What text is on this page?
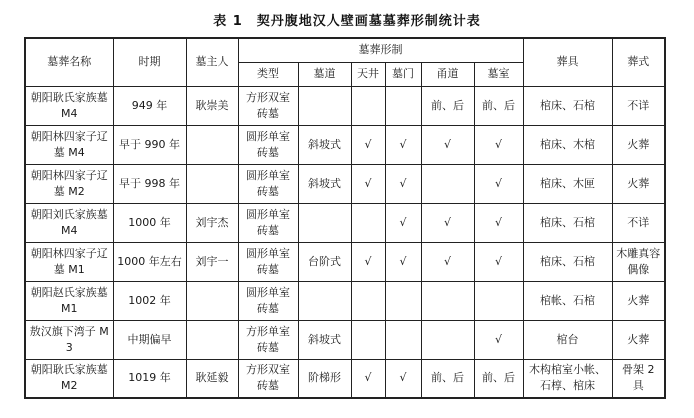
表 1　契丹腹地汉人壁画墓墓葬形制统计表
墓葬名称	时期	墓主人	墓葬形制						葬具	葬式
			类型	墓道	天井	墓门	甬道	墓室		
朝阳耿氏家族墓 M4	949 年	耿崇美	方形双室砖墓				前、后	前、后	棺床、石棺	不详
朝阳林四家子辽墓 M4	早于 990 年		圆形单室砖墓	斜坡式	√	√	√	√	棺床、木棺	火葬
朝阳林四家子辽墓 M2	早于 998 年		圆形单室砖墓	斜坡式	√	√		√	棺床、木匣	火葬
朝阳刘氏家族墓 M4	1000 年	刘宇杰	圆形单室砖墓			√	√	√	棺床、石棺	不详
朝阳林四家子辽墓 M1	1000 年左右	刘宇一	圆形单室砖墓	台阶式	√	√	√	√	棺床、石棺	木雕真容偶像
朝阳赵氏家族墓 M1	1002 年		圆形单室砖墓						棺帐、石棺	火葬
敖汉旗下湾子 M3	中期偏早		方形单室砖墓	斜坡式				√	棺台	火葬
朝阳耿氏家族墓 M2	1019 年	耿延毅	方形双室砖墓	阶梯形	√	√	前、后	前、后	木构棺室小帐、石椁、棺床	骨架 2 具
